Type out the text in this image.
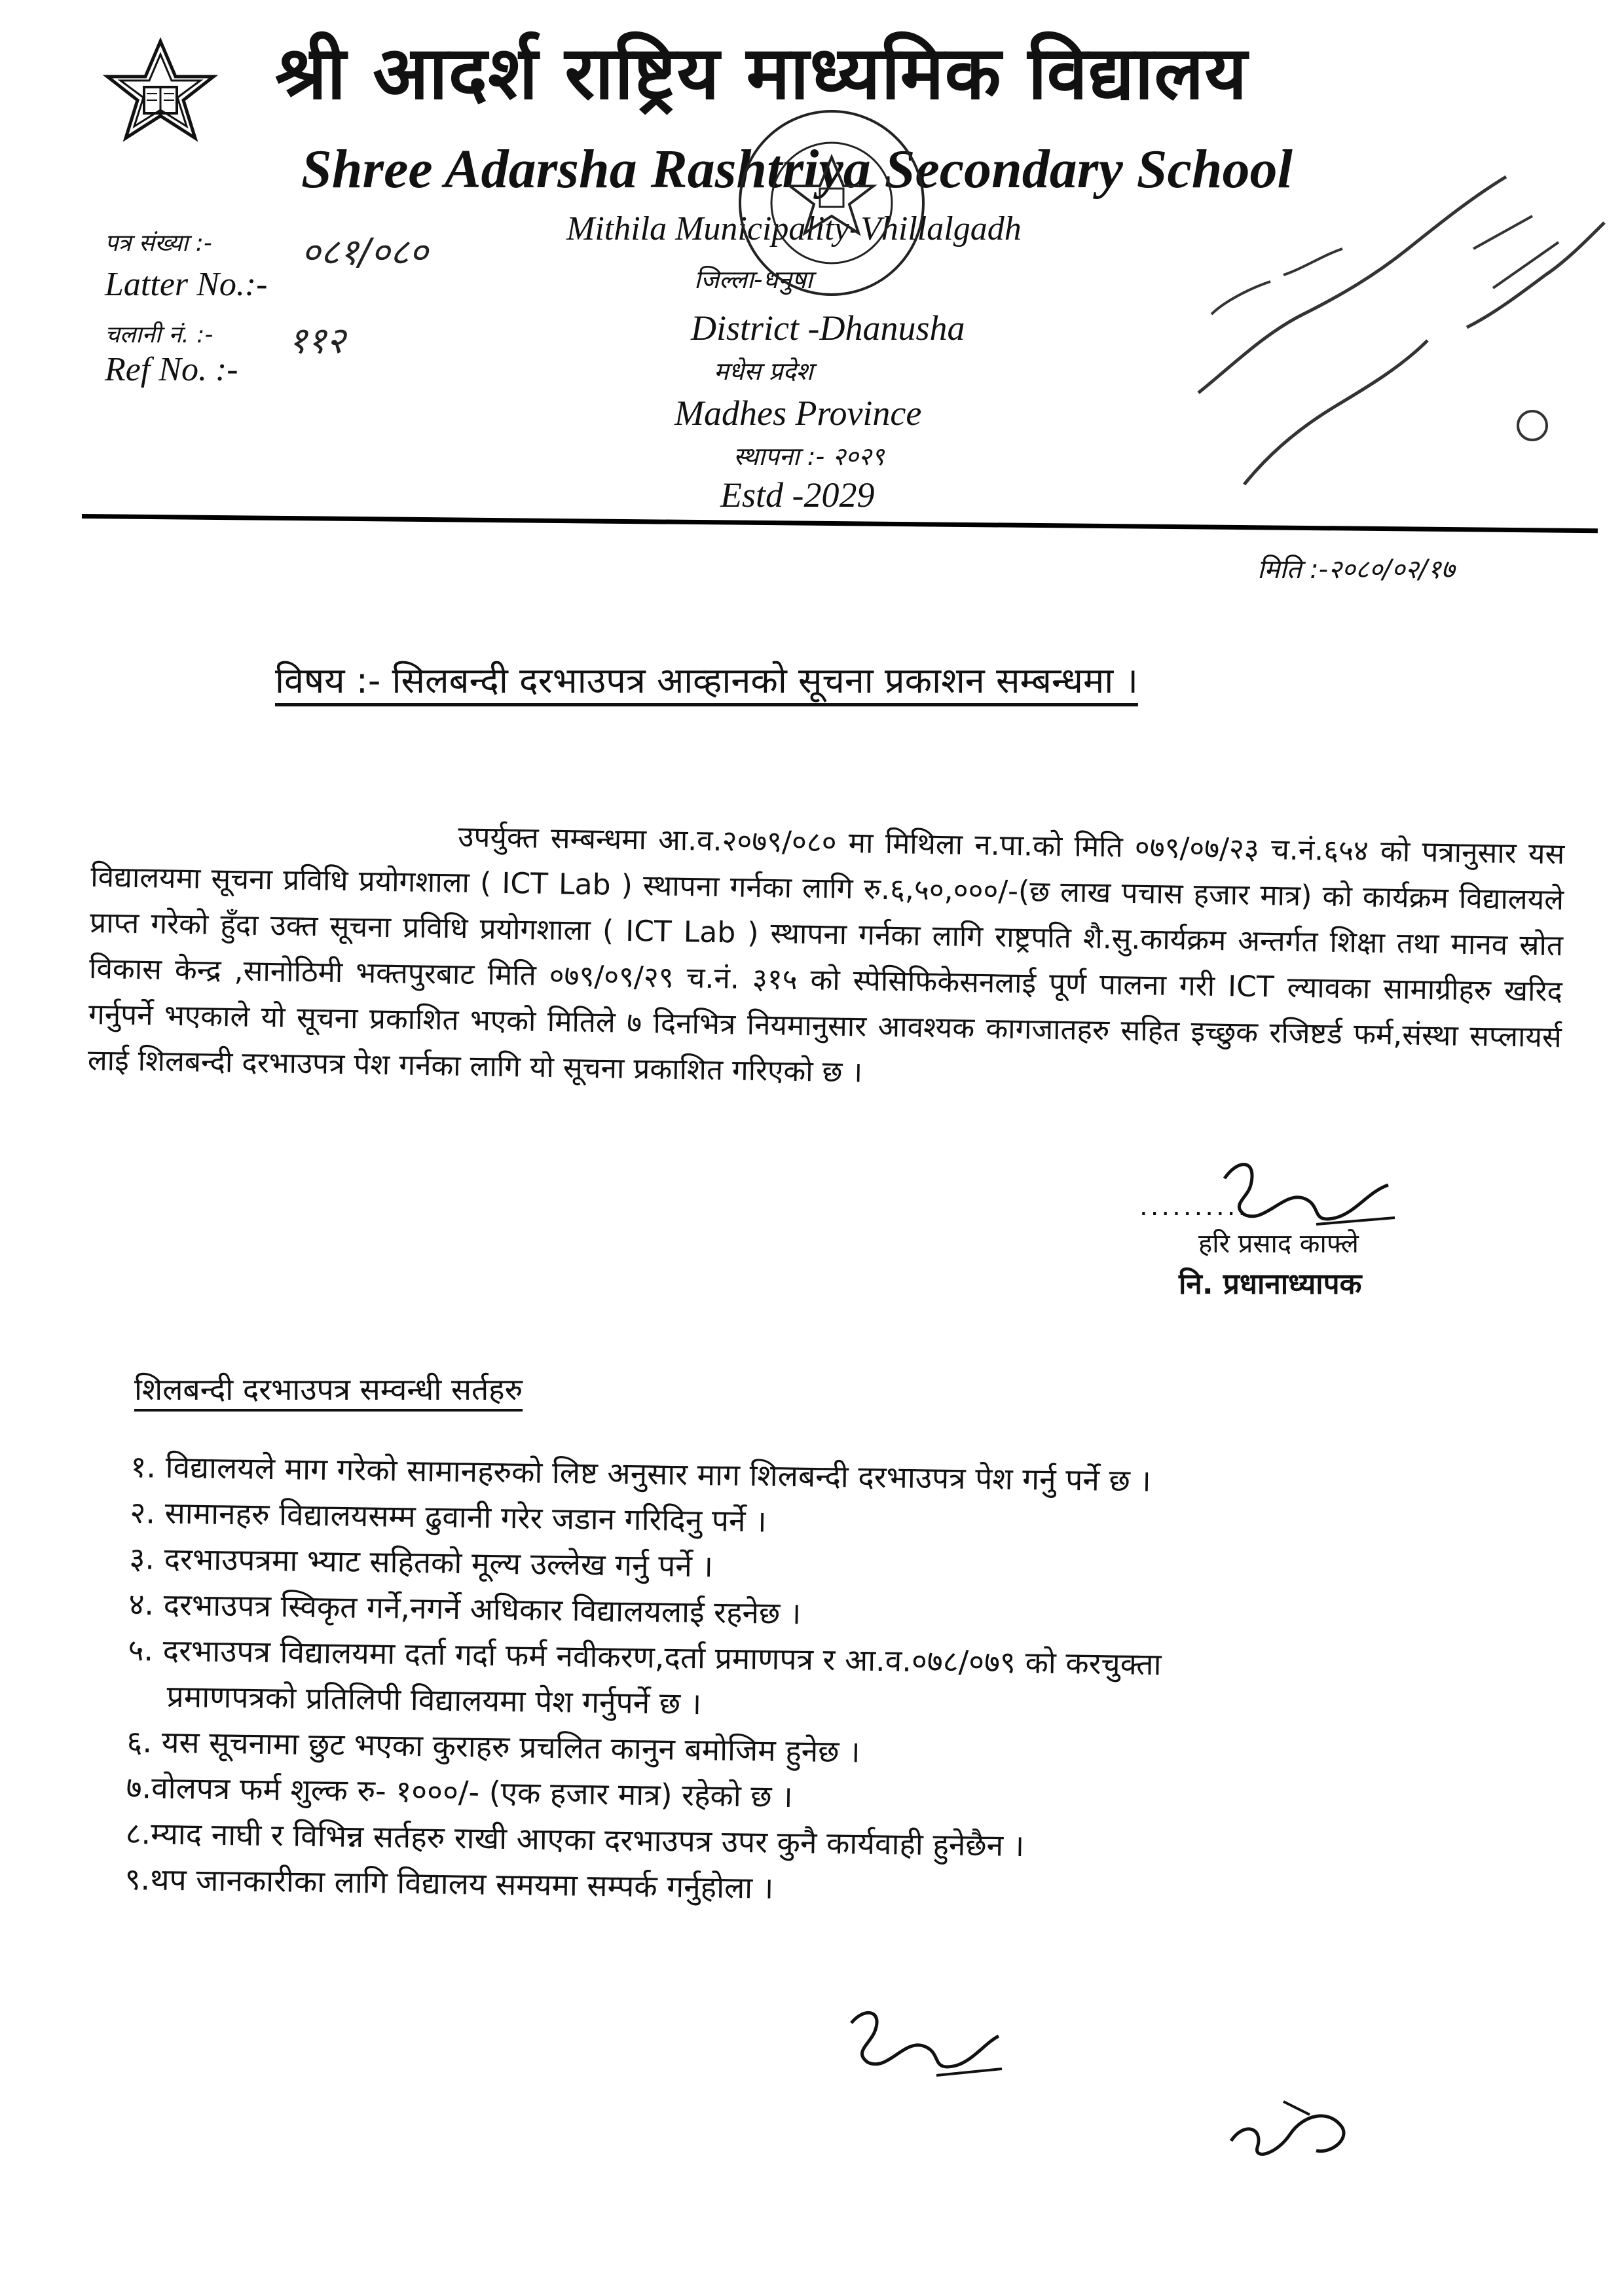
श्री आदर्श राष्ट्रिय माध्यमिक विद्यालय
Shree Adarsha Rashtriya Secondary School
Mithila Municipality-Vhillalgadh
जिल्ला-धनुषा
District -Dhanusha
मधेस प्रदेश
Madhes Province
स्थापना :- २०२९
Estd -2029
पत्र संख्या :- ०८१/०८०
Latter No.:-
चलानी नं. :- ११२
Ref No. :-
मिति :-२०८०/०२/१७
विषय :- सिलबन्दी दरभाउपत्र आव्हानको सूचना प्रकाशन सम्बन्धमा ।
उपर्युक्त सम्बन्धमा आ.व.२०७९/०८० मा मिथिला न.पा.को मिति ०७९/०७/२३ च.नं.६५४ को पत्रानुसार यस विद्यालयमा सूचना प्रविधि प्रयोगशाला ( ICT Lab ) स्थापना गर्नका लागि रु.६,५०,०००/-(छ लाख पचास हजार मात्र) को कार्यक्रम विद्यालयले प्राप्त गरेको हुँदा उक्त सूचना प्रविधि प्रयोगशाला ( ICT Lab ) स्थापना गर्नका लागि राष्ट्रपति शै.सु.कार्यक्रम अन्तर्गत शिक्षा तथा मानव स्रोत विकास केन्द्र ,सानोठिमी भक्तपुरबाट मिति ०७९/०९/२९ च.नं. ३१५ को स्पेसिफिकेसनलाई पूर्ण पालना गरी ICT ल्यावका सामाग्रीहरु खरिद गर्नुपर्ने भएकाले यो सूचना प्रकाशित भएको मितिले ७ दिनभित्र नियमानुसार आवश्यक कागजातहरु सहित इच्छुक रजिष्टर्ड फर्म,संस्था सप्लायर्स लाई शिलबन्दी दरभाउपत्र पेश गर्नका लागि यो सूचना प्रकाशित गरिएको छ ।
..........
हरि प्रसाद काफ्ले
नि. प्रधानाध्यापक
शिलबन्दी दरभाउपत्र सम्वन्धी सर्तहरु
१. विद्यालयले माग गरेको सामानहरुको लिष्ट अनुसार माग शिलबन्दी दरभाउपत्र पेश गर्नु पर्ने छ ।
२. सामानहरु विद्यालयसम्म ढुवानी गरेर जडान गरिदिनु पर्ने ।
३. दरभाउपत्रमा भ्याट सहितको मूल्य उल्लेख गर्नु पर्ने ।
४. दरभाउपत्र स्विकृत गर्ने,नगर्ने अधिकार विद्यालयलाई रहनेछ ।
५. दरभाउपत्र विद्यालयमा दर्ता गर्दा फर्म नवीकरण,दर्ता प्रमाणपत्र र आ.व.०७८/०७९ को करचुक्ता
प्रमाणपत्रको प्रतिलिपी विद्यालयमा पेश गर्नुपर्ने छ ।
६. यस सूचनामा छुट भएका कुराहरु प्रचलित कानुन बमोजिम हुनेछ ।
७.वोलपत्र फर्म शुल्क रु- १०००/- (एक हजार मात्र) रहेको छ ।
८.म्याद नाघी र विभिन्न सर्तहरु राखी आएका दरभाउपत्र उपर कुनै कार्यवाही हुनेछैन ।
९.थप जानकारीका लागि विद्यालय समयमा सम्पर्क गर्नुहोला ।
